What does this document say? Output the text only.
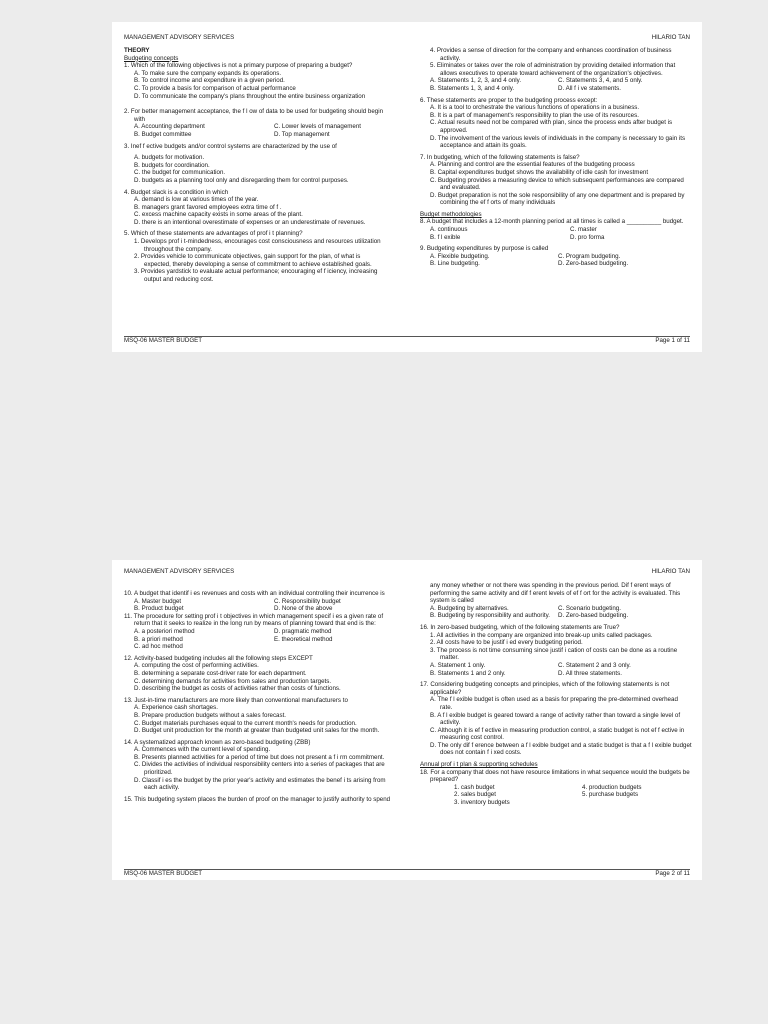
MANAGEMENT ADVISORY SERVICES	HILARIO TAN
THEORY
Budgeting concepts
1. Which of the following objectives is not a primary purpose of preparing a budget?
A. To make sure the company expands its operations.
B. To control income and expenditure in a given period.
C. To provide a basis for comparison of actual performance
D. To communicate the company's plans throughout the entire business organization
2. For better management acceptance, the f l ow of data to be used for budgeting should begin
with
A. Accounting department	C. Lower levels of management
B. Budget committee	D. Top management
3. Inef f ective budgets and/or control systems are characterized by the use of
A. budgets for motivation.
B. budgets for coordination.
C. the budget for communication.
D. budgets as a planning tool only and disregarding them for control purposes.
4. Budget slack is a condition in which
A. demand is low at various times of the year.
B. managers grant favored employees extra time of f .
C. excess machine capacity exists in some areas of the plant.
D. there is an intentional overestimate of expenses or an underestimate of revenues.
5. Which of these statements are advantages of prof i t planning?
1. Develops prof i t-mindedness, encourages cost consciousness and resources utilization
throughout the company.
2. Provides vehicle to communicate objectives, gain support for the plan, of what is
expected, thereby developing a sense of commitment to achieve established goals.
3. Provides yardstick to evaluate actual performance; encouraging ef f iciency, increasing
output and reducing cost.
4. Provides a sense of direction for the company and enhances coordination of business
activity.
5. Eliminates or takes over the role of administration by providing detailed information that
allows executives to operate toward achievement of the organization's objectives.
A. Statements 1, 2, 3, and 4 only.	C. Statements 3, 4, and 5 only.
B. Statements 1, 3, and 4 only.	D. All f i ve statements.
6. These statements are proper to the budgeting process except:
A. It is a tool to orchestrate the various functions of operations in a business.
B. It is a part of management's responsibility to plan the use of its resources.
C. Actual results need not be compared with plan, since the process ends after budget is
approved.
D. The involvement of the various levels of individuals in the company is necessary to gain its
acceptance and attain its goals.
7. In budgeting, which of the following statements is false?
A. Planning and control are the essential features of the budgeting process
B. Capital expenditures budget shows the availability of idle cash for investment
C. Budgeting provides a measuring device to which subsequent performances are compared
and evaluated.
D. Budget preparation is not the sole responsibility of any one department and is prepared by
combining the ef f orts of many individuals
Budget methodologies
8. A budget that includes a 12-month planning period at all times is called a __________ budget.
A. continuous	C. master
B. f l exible	D. pro forma
9. Budgeting expenditures by purpose is called
A. Flexible budgeting.	C. Program budgeting.
B. Line budgeting.	D. Zero-based budgeting.
MSQ-06 MASTER BUDGET	Page 1 of 11
MANAGEMENT ADVISORY SERVICES	HILARIO TAN
10. A budget that identif i es revenues and costs with an individual controlling their incurrence is
A. Master budget	C. Responsibility budget
B. Product budget	D. None of the above
11. The procedure for setting prof i t objectives in which management specif i es a given rate of
return that it seeks to realize in the long run by means of planning toward that end is the:
A. a posteriori method	D. pragmatic method
B. a priori method	E. theoretical method
C. ad hoc method
12. Activity-based budgeting includes all the following steps EXCEPT
A. computing the cost of performing activities.
B. determining a separate cost-driver rate for each department.
C. determining demands for activities from sales and production targets.
D. describing the budget as costs of activities rather than costs of functions.
13. Just-in-time manufacturers are more likely than conventional manufacturers to
A. Experience cash shortages.
B. Prepare production budgets without a sales forecast.
C. Budget materials purchases equal to the current month's needs for production.
D. Budget unit production for the month at greater than budgeted unit sales for the month.
14. A systematized approach known as zero-based budgeting (ZBB)
A. Commences with the current level of spending.
B. Presents planned activities for a period of time but does not present a f i rm commitment.
C. Divides the activities of individual responsibility centers into a series of packages that are
prioritized.
D. Classif i es the budget by the prior year's activity and estimates the benef i ts arising from
each activity.
15. This budgeting system places the burden of proof on the manager to justify authority to spend
any money whether or not there was spending in the previous period. Dif f erent ways of
performing the same activity and dif f erent levels of ef f ort for the activity is evaluated. This
system is called
A. Budgeting by alternatives.	C. Scenario budgeting.
B. Budgeting by responsibility and authority.	D. Zero-based budgeting.
16. In zero-based budgeting, which of the following statements are True?
1. All activities in the company are organized into break-up units called packages.
2. All costs have to be justif i ed every budgeting period.
3. The process is not time consuming since justif i cation of costs can be done as a routine
matter.
A. Statement 1 only.	C. Statement 2 and 3 only.
B. Statements 1 and 2 only.	D. All three statements.
17. Considering budgeting concepts and principles, which of the following statements is not
applicable?
A. The f l exible budget is often used as a basis for preparing the pre-determined overhead
rate.
B. A f l exible budget is geared toward a range of activity rather than toward a single level of
activity.
C. Although it is ef f ective in measuring production control, a static budget is not ef f ective in
measuring cost control.
D. The only dif f erence between a f l exible budget and a static budget is that a f l exible budget
does not contain f i xed costs.
Annual prof i t plan & supporting schedules
18. For a company that does not have resource limitations in what sequence would the budgets be
prepared?
1. cash budget	4. production budgets
2. sales budget	5. purchase budgets
3. inventory budgets
MSQ-06 MASTER BUDGET	Page 2 of 11
